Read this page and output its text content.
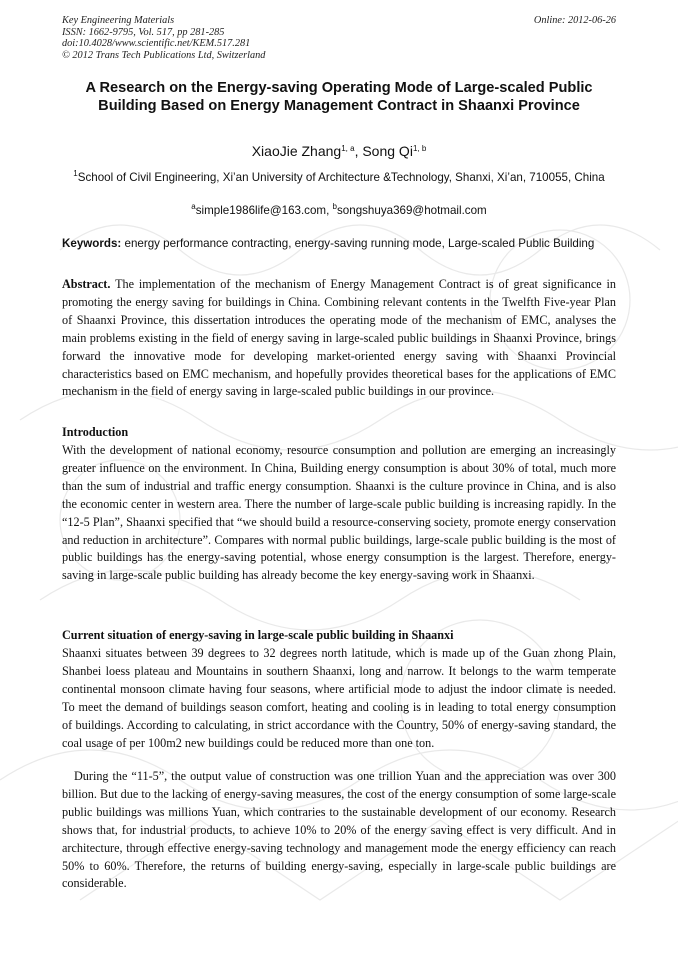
Key Engineering Materials
ISSN: 1662-9795, Vol. 517, pp 281-285
doi:10.4028/www.scientific.net/KEM.517.281
© 2012 Trans Tech Publications Ltd, Switzerland
Online: 2012-06-26
A Research on the Energy-saving Operating Mode of Large-scaled Public Building Based on Energy Management Contract in Shaanxi Province
XiaoJie Zhang$^{1, a}$, Song Qi$^{1, b}$
$^1$School of Civil Engineering, Xi’an University of Architecture &Technology, Shanxi, Xi’an, 710055, China
$^a$simple1986life@163.com, $^b$songshuya369@hotmail.com
Keywords: energy performance contracting, energy-saving running mode, Large-scaled Public Building

Abstract. The implementation of the mechanism of Energy Management Contract is of great significance in promoting the energy saving for buildings in China. Combining relevant contents in the Twelfth Five-year Plan of Shaanxi Province, this dissertation introduces the operating mode of the mechanism of EMC, analyses the main problems existing in the field of energy saving in large-scaled public buildings in Shaanxi Province, brings forward the innovative mode for developing market-oriented energy saving with Shaanxi Provincial characteristics based on EMC mechanism, and hopefully provides theoretical bases for the applications of EMC mechanism in the field of energy saving in large-scaled public buildings in our province.

Introduction

With the development of national economy, resource consumption and pollution are emerging an increasingly greater influence on the environment. In China, Building energy consumption is about 30% of total, much more than the sum of industrial and traffic energy consumption. Shaanxi is the culture province in China, and is also the economic center in western area. There the number of large-scale public building is increasing rapidly. In the “12-5 Plan”, Shaanxi specified that “we should build a resource-conserving society, promote energy conservation and reduction in architecture”. Compares with normal public buildings, large-scale public building is the most of public buildings has the energy-saving potential, whose energy consumption is the largest. Therefore, energy-saving in large-scale public building has already become the key energy-saving work in Shaanxi.

Current situation of energy-saving in large-scale public building in Shaanxi

Shaanxi situates between 39 degrees to 32 degrees north latitude, which is made up of the Guan zhong Plain, Shanbei loess plateau and Mountains in southern Shaanxi, long and narrow. It belongs to the warm temperate continental monsoon climate having four seasons, where artificial mode to adjust the indoor climate is needed. To meet the demand of buildings season comfort, heating and cooling is in leading to total energy consumption of buildings. According to calculating, in strict accordance with the Country, 50% of energy-saving standard, the coal usage of per 100m2 new buildings could be reduced more than one ton.

During the “11-5”, the output value of construction was one trillion Yuan and the appreciation was over 300 billion. But due to the lacking of energy-saving measures, the cost of the energy consumption of some large-scale public buildings was millions Yuan, which contraries to the sustainable development of our economy. Research shows that, for industrial products, to achieve 10% to 20% of the energy saving effect is very difficult. And in architecture, through effective energy-saving technology and management mode the energy efficiency can reach 50% to 60%. Therefore, the returns of building energy-saving, especially in large-scale public buildings are considerable.
